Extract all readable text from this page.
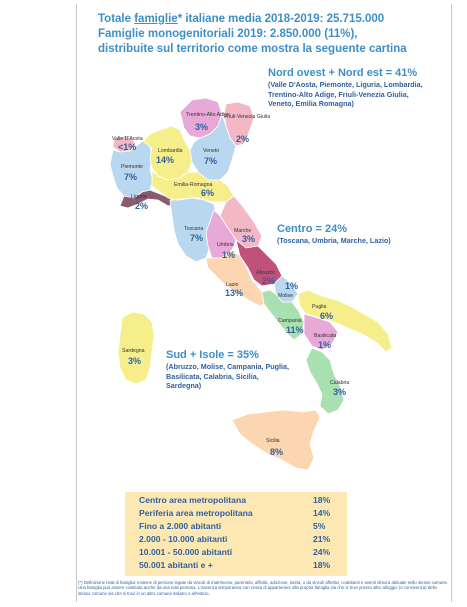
Totale famiglie* italiane media 2018-2019: 25.715.000
Famiglie monogenitoriali 2019: 2.850.000 (11%),
distribuite sul territorio come mostra la seguente cartina
Valle D'Aosta
<1%
Piemonte
7%
Liguria
2%
Lombardia
14%
Trentino-Alto Adige
3%
Friuli-Venezia Giulia
2%
Veneto
7%
Emilia-Romagna
6%
Toscana
7%
Marche
3%
Umbria
1%
Lazio
13%
Abruzzo
2%
Molise
1%
Campania
11%
Puglia
6%
Basilicata
1%
Calabria
3%
Sicilia
8%
Sardegna
3%
Nord ovest + Nord est = 41%
(Valle D'Aosta, Piemonte, Liguria, Lombardia, Trentino-Alto Adige, Friuli-Venezia Giulia, Veneto, Emilia Romagna)
Centro = 24%
(Toscana, Umbria, Marche, Lazio)
Sud + Isole = 35%
(Abruzzo, Molise, Campania, Puglia, Basilicata, Calabria, Sicilia, Sardegna)
Centro area metropolitana	18%
Periferia area metropolitana	14%
Fino a 2.000 abitanti	5%
2.000 - 10.000 abitanti	21%
10.001 - 50.000 abitanti	24%
50.001 abitanti e +	18%
(*) Definizione Istat di famiglia: insieme di persone legate da vincoli di matrimonio, parentela, affinità, adozione, tutela, o da vincoli affettivi, coabitanti e aventi dimora abituale nello stesso comune. Una famiglia può essere costituita anche da una sola persona. L'assenza temporanea non cessa di appartenere alla propria famiglia sia che si trovi presso altro alloggio (o convivenza) dello stesso comune sia che si trovi in un altro comune italiano o all'estero.
